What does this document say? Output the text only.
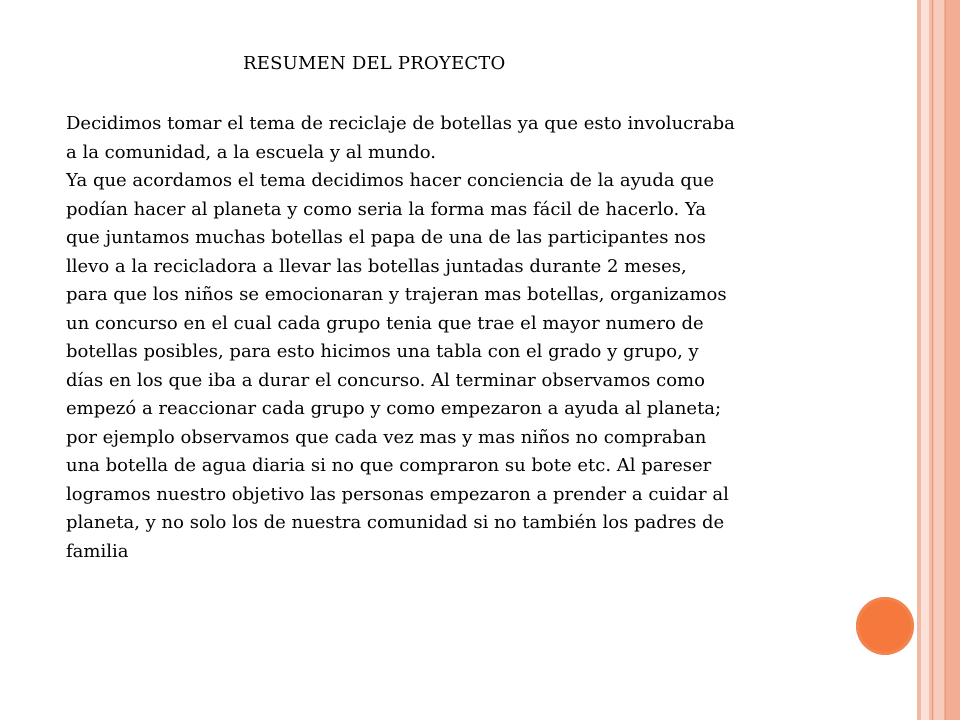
RESUMEN DEL PROYECTO
Decidimos tomar el tema de reciclaje de botellas ya que esto involucraba
a la comunidad, a la escuela y al mundo.
Ya que acordamos el tema decidimos hacer conciencia de la ayuda que
podían hacer al planeta y como seria la forma mas fácil de hacerlo. Ya
que juntamos muchas botellas el papa de una de las participantes nos
llevo a la recicladora a llevar las botellas juntadas durante 2 meses,
para que los niños se emocionaran y trajeran mas botellas, organizamos
un concurso en el cual cada grupo tenia que trae el mayor numero de
botellas posibles, para esto hicimos una tabla con el grado y grupo, y
días en los que iba a durar el concurso. Al terminar observamos como
empezó a reaccionar cada grupo y como empezaron a ayuda al planeta;
por ejemplo observamos que cada vez mas y mas niños no compraban
una botella de agua diaria si no que compraron su bote etc. Al pareser
logramos nuestro objetivo las personas empezaron a prender a cuidar al
planeta, y no solo los de nuestra comunidad si no también los padres de
familia
